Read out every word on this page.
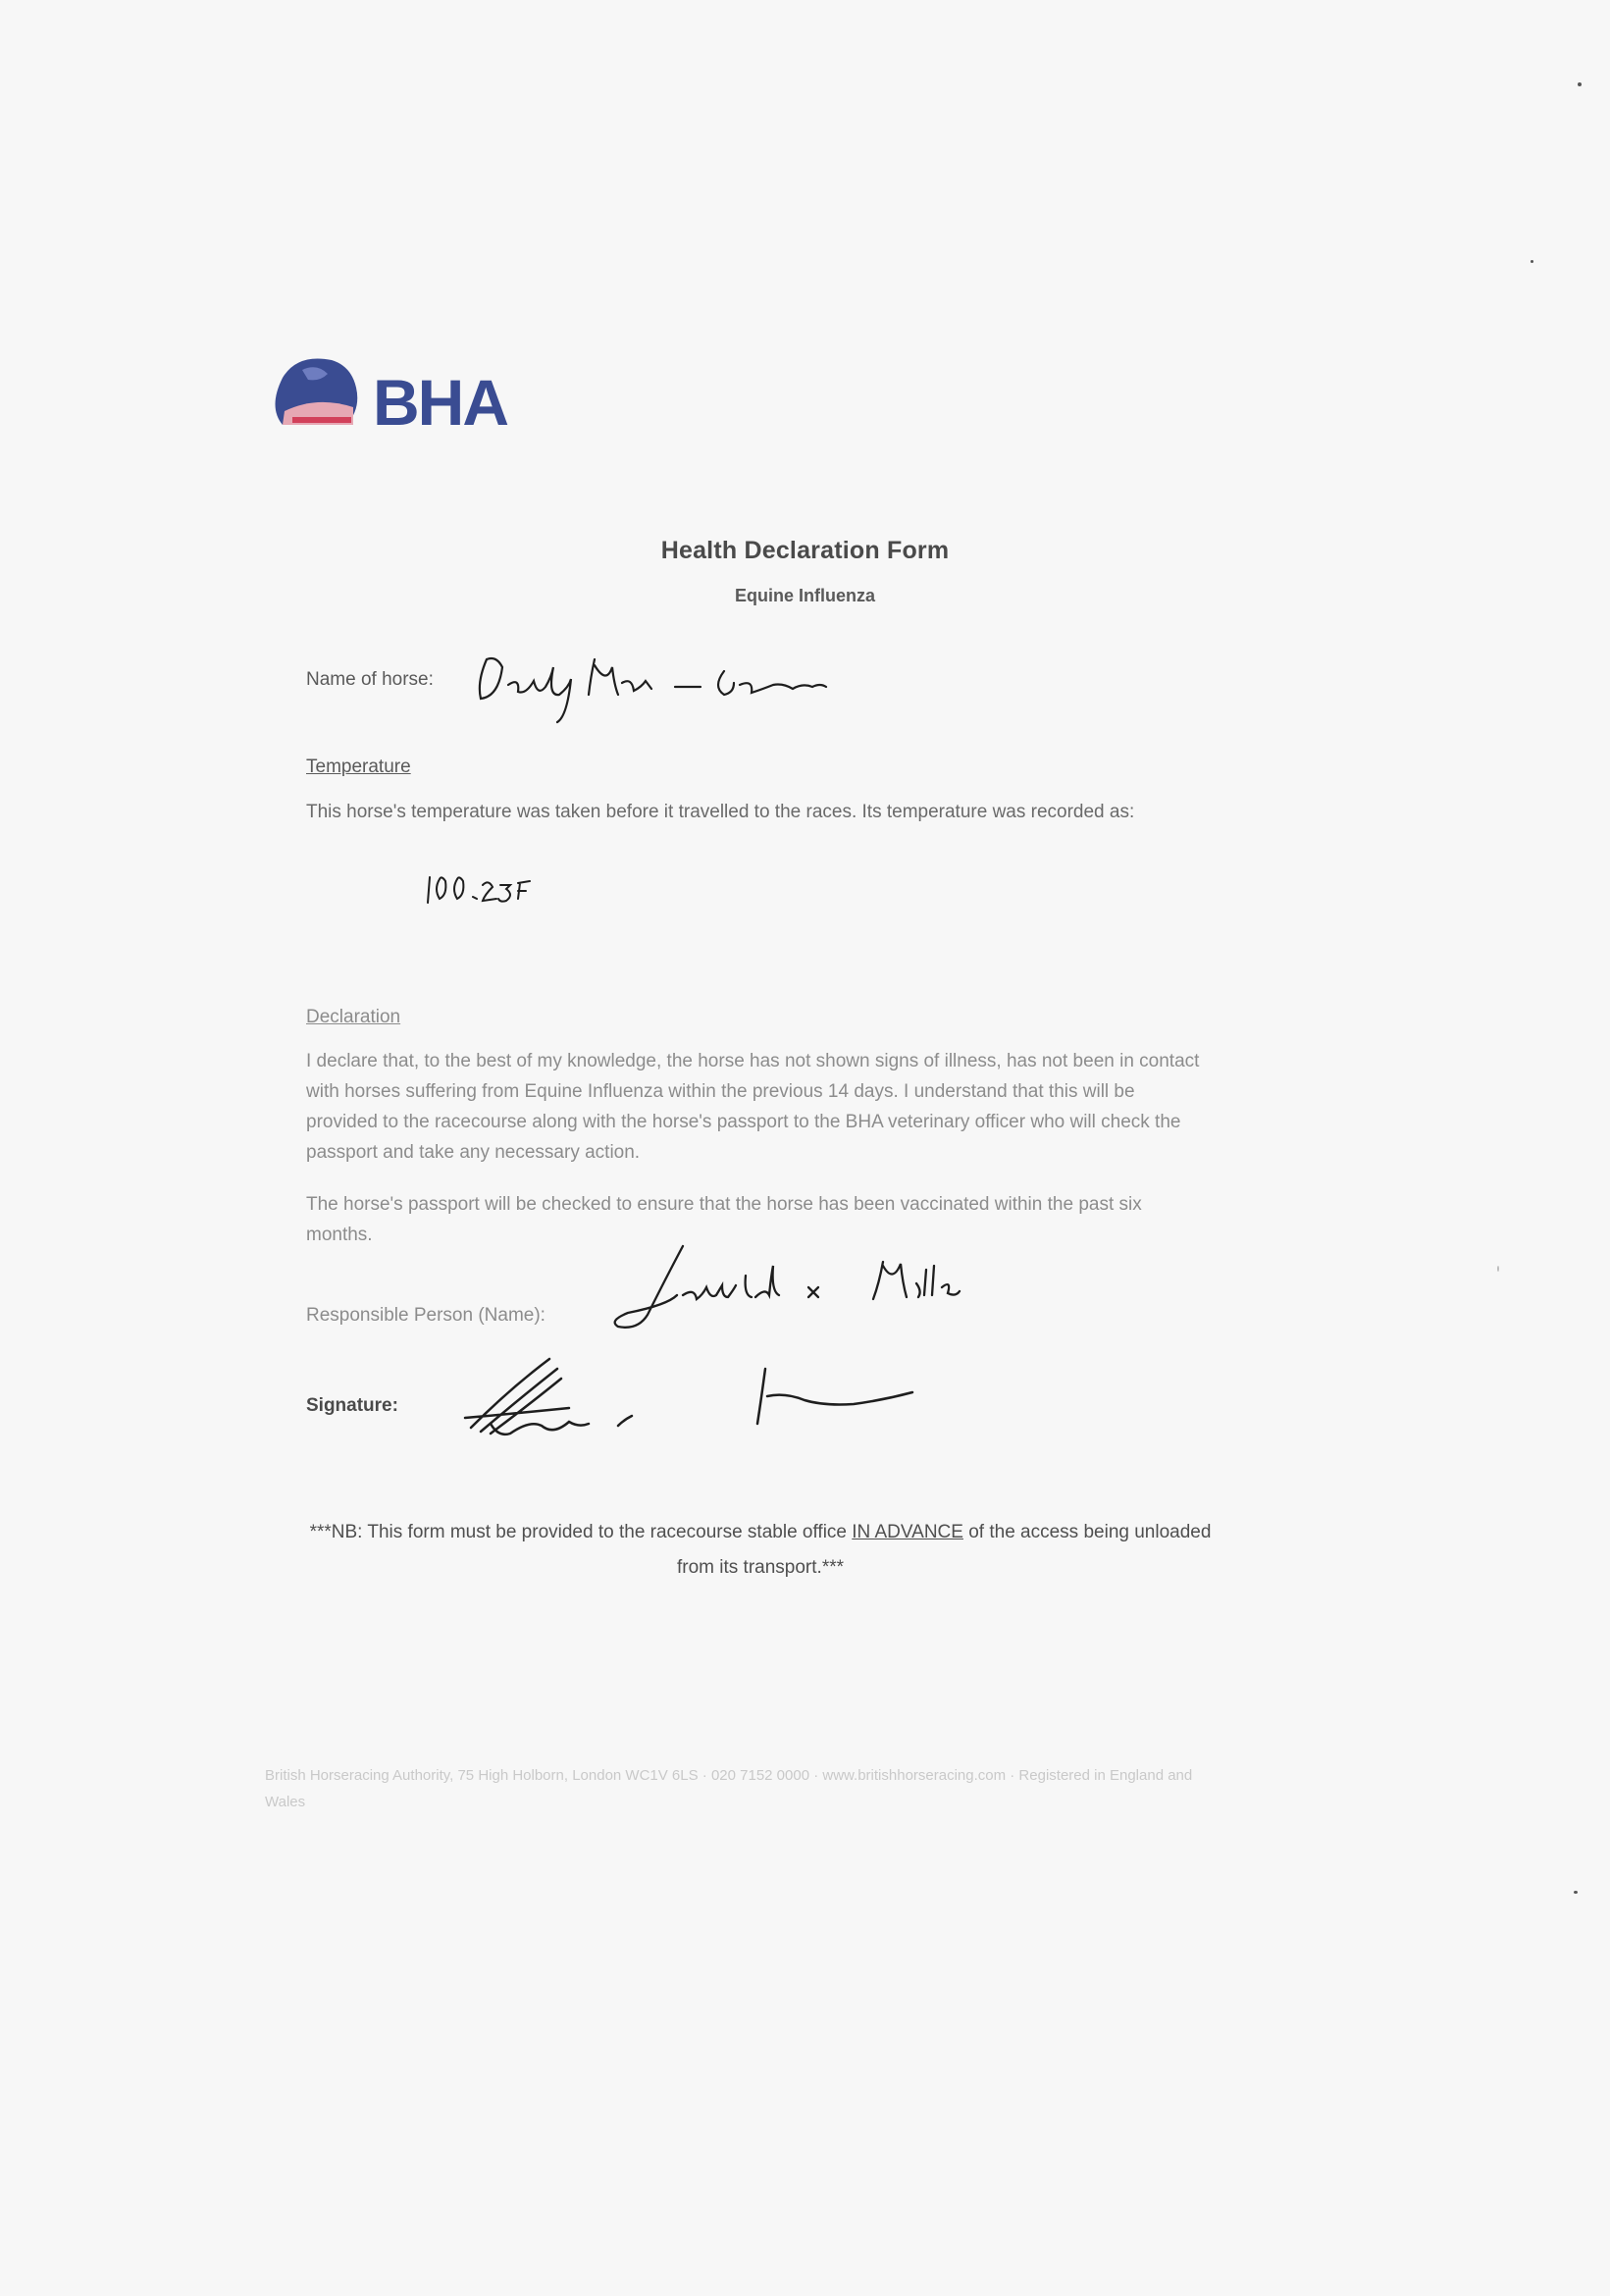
BHA
Health Declaration Form
Equine Influenza
Name of horse:
Temperature
This horse's temperature was taken before it travelled to the races. Its temperature was recorded as:
Declaration
I declare that, to the best of my knowledge, the horse has not shown signs of illness, has not been in contact with horses suffering from Equine Influenza within the previous 14 days. I understand that this will be provided to the racecourse along with the horse's passport to the BHA veterinary officer who will check the passport and take any necessary action.
The horse's passport will be checked to ensure that the horse has been vaccinated within the past six months.
Responsible Person (Name):
Signature:
***NB: This form must be provided to the racecourse stable office IN ADVANCE of the access being unloaded from its transport.***
British Horseracing Authority, 75 High Holborn, London WC1V 6LS · 020 7152 0000 · www.britishhorseracing.com · Registered in England and Wales
